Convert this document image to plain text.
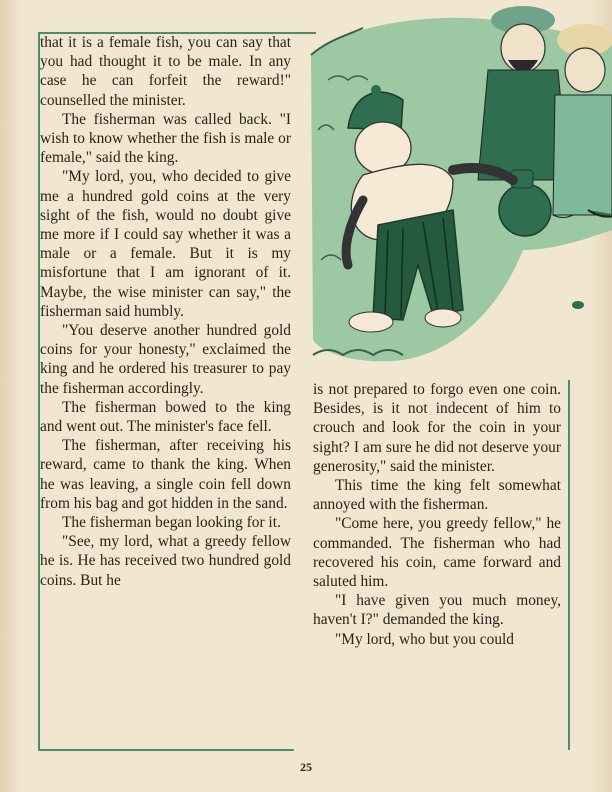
that it is a female fish, you can say that you had thought it to be male. In any case he can forfeit the reward!" counselled the minister.

The fisherman was called back. "I wish to know whether the fish is male or female," said the king.

"My lord, you, who decided to give me a hundred gold coins at the very sight of the fish, would no doubt give me more if I could say whether it was a male or a female. But it is my misfortune that I am ignorant of it. Maybe, the wise minister can say," the fisherman said humbly.

"You deserve another hundred gold coins for your honesty," exclaimed the king and he ordered his treasurer to pay the fisherman accordingly.

The fisherman bowed to the king and went out. The minister's face fell.

The fisherman, after receiving his reward, came to thank the king. When he was leaving, a single coin fell down from his bag and got hidden in the sand.

The fisherman began looking for it.

"See, my lord, what a greedy fellow he is. He has received two hundred gold coins. But he

is not prepared to forgo even one coin. Besides, is it not indecent of him to crouch and look for the coin in your sight? I am sure he did not deserve your generosity," said the minister.

This time the king felt somewhat annoyed with the fisherman.

"Come here, you greedy fellow," he commanded. The fisherman who had recovered his coin, came forward and saluted him.

"I have given you much money, haven't I?" demanded the king.

"My lord, who but you could

25
